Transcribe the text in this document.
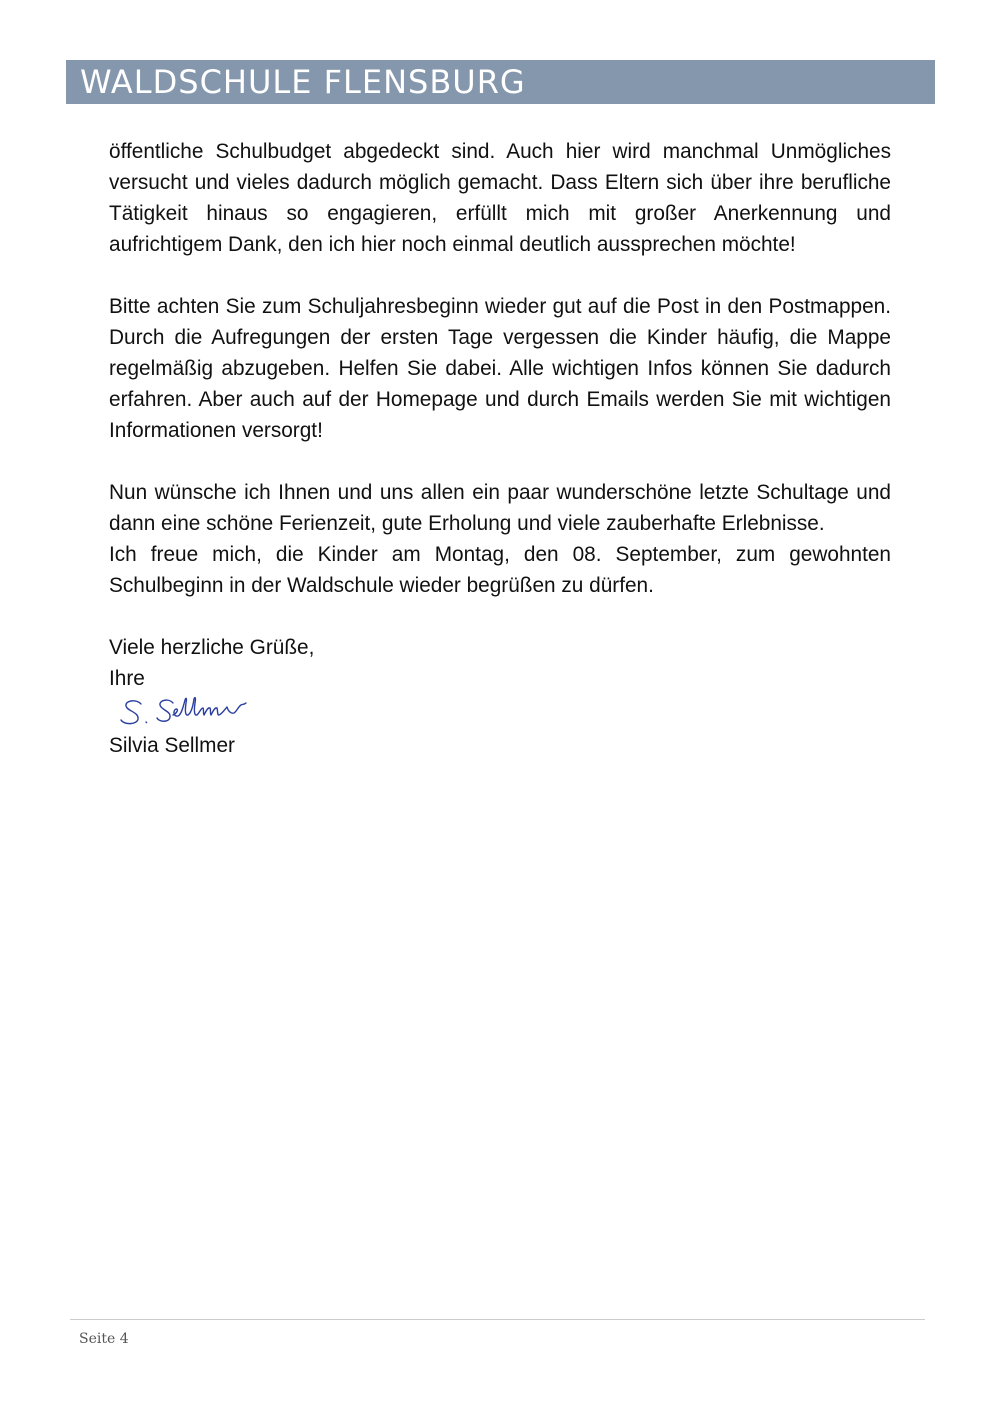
WALDSCHULE FLENSBURG

öffentliche Schulbudget abgedeckt sind. Auch hier wird manchmal Unmögliches versucht und vieles dadurch möglich gemacht. Dass Eltern sich über ihre berufliche Tätigkeit hinaus so engagieren, erfüllt mich mit großer Anerkennung und aufrichtigem Dank, den ich hier noch einmal deutlich aussprechen möchte!

Bitte achten Sie zum Schuljahresbeginn wieder gut auf die Post in den Postmappen. Durch die Aufregungen der ersten Tage vergessen die Kinder häufig, die Mappe regelmäßig abzugeben. Helfen Sie dabei. Alle wichtigen Infos können Sie dadurch erfahren. Aber auch auf der Homepage und durch Emails werden Sie mit wichtigen Informationen versorgt!

Nun wünsche ich Ihnen und uns allen ein paar wunderschöne letzte Schultage und dann eine schöne Ferienzeit, gute Erholung und viele zauberhafte Erlebnisse.

Ich freue mich, die Kinder am Montag, den 08. September, zum gewohnten Schulbeginn in der Waldschule wieder begrüßen zu dürfen.

Viele herzliche Grüße,

Ihre

Silvia Sellmer

Seite 4
